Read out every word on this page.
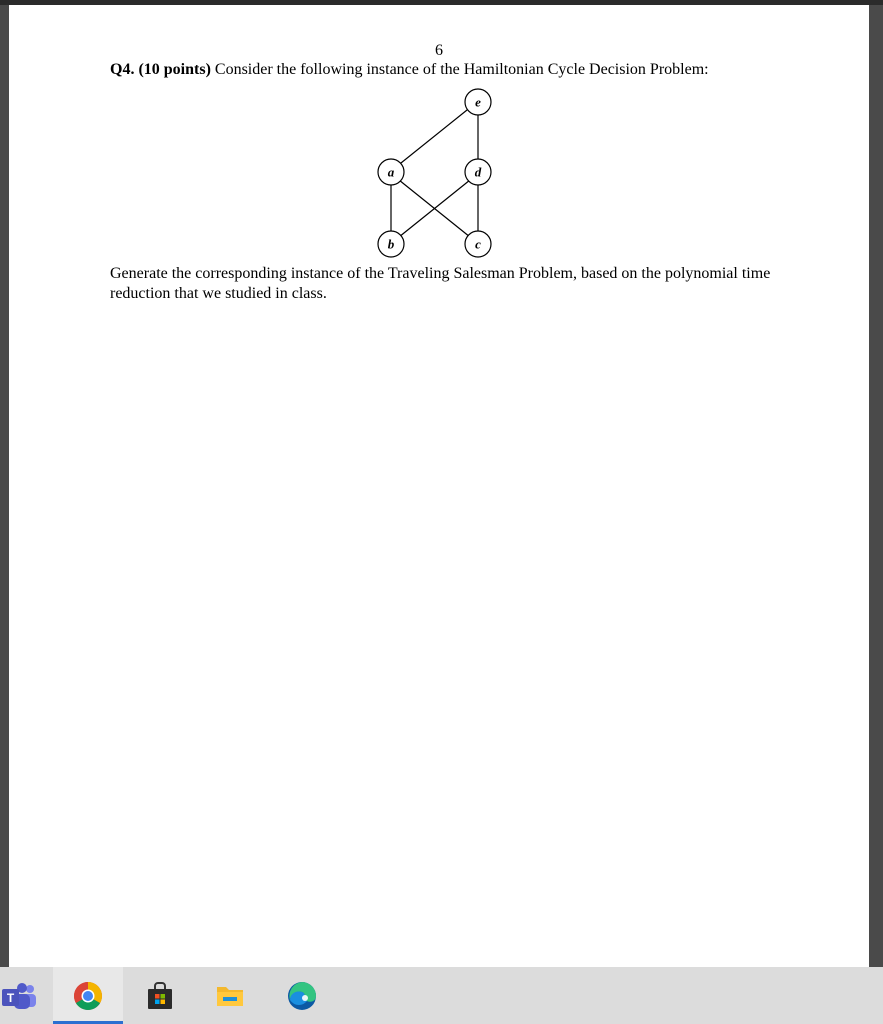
6
Q4. (10 points) Consider the following instance of the Hamiltonian Cycle Decision Problem:
e
a	d
b	c
Generate the corresponding instance of the Traveling Salesman Problem, based on the polynomial time reduction that we studied in class.
T
